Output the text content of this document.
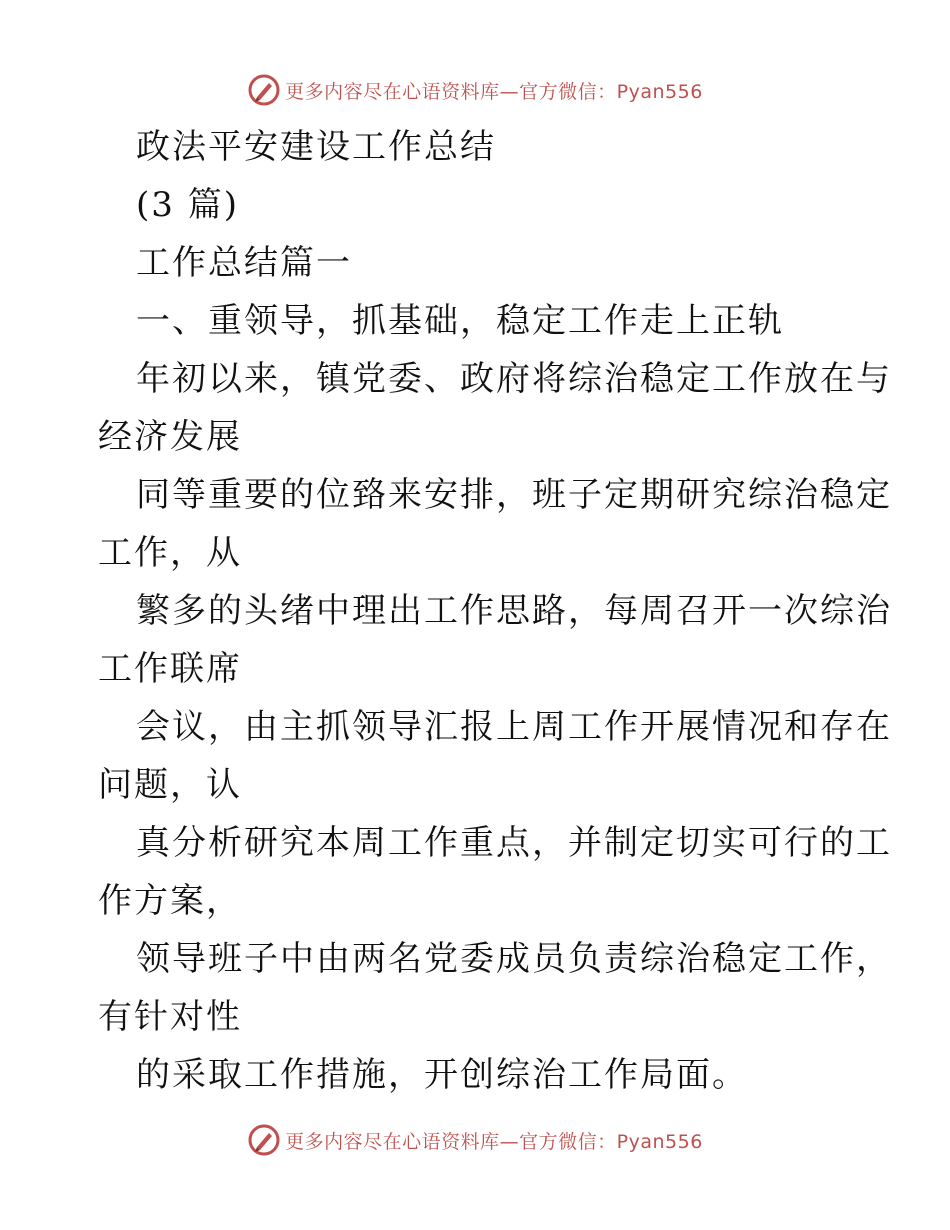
更多内容尽在心语资料库—官方微信：Pyan556
政法平安建设工作总结
(3 篇)
工作总结篇一
一、重领导，抓基础，稳定工作走上正轨
年初以来，镇党委、政府将综治稳定工作放在与
经济发展
同等重要的位臵来安排，班子定期研究综治稳定
工作，从
繁多的头绪中理出工作思路，每周召开一次综治
工作联席
会议，由主抓领导汇报上周工作开展情况和存在
问题，认
真分析研究本周工作重点，并制定切实可行的工
作方案，
领导班子中由两名党委成员负责综治稳定工作，
有针对性
的采取工作措施，开创综治工作局面。
更多内容尽在心语资料库—官方微信：Pyan556
